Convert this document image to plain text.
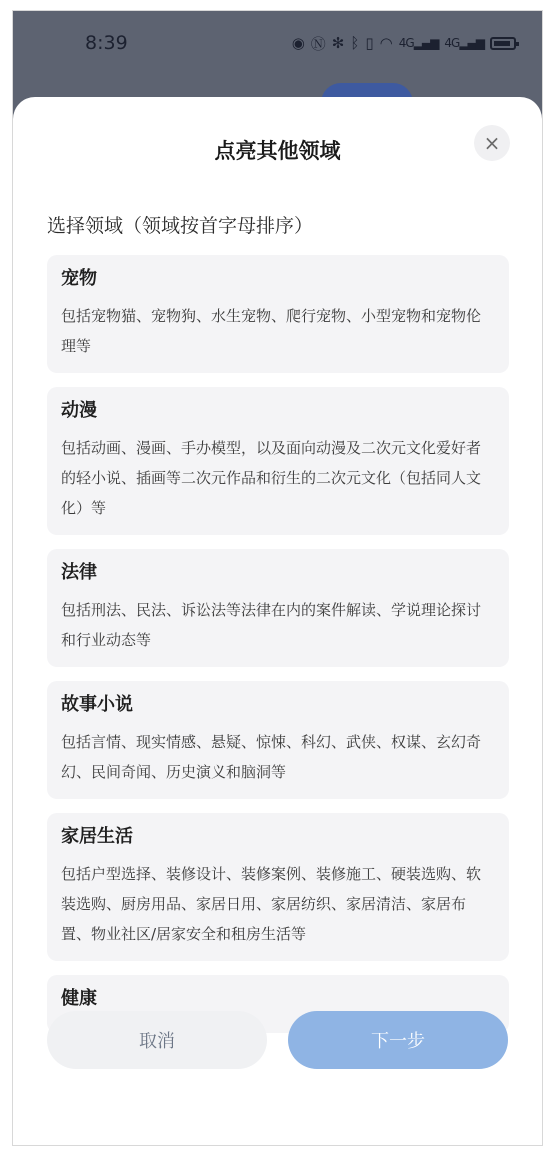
8:39	◉ Ⓝ ✻ ᛒ ▯ ◠ 4G▂▄▆ 4G▂▄▆
点亮其他领域	×
选择领域（领域按首字母排序）
宠物
包括宠物猫、宠物狗、水生宠物、爬行宠物、小型宠物和宠物伦理等
动漫
包括动画、漫画、手办模型，以及面向动漫及二次元文化爱好者的轻小说、插画等二次元作品和衍生的二次元文化（包括同人文化）等
法律
包括刑法、民法、诉讼法等法律在内的案件解读、学说理论探讨和行业动态等
故事小说
包括言情、现实情感、悬疑、惊悚、科幻、武侠、权谋、玄幻奇幻、民间奇闻、历史演义和脑洞等
家居生活
包括户型选择、装修设计、装修案例、装修施工、硬装选购、软装选购、厨房用品、家居日用、家居纺织、家居清洁、家居布置、物业社区/居家安全和租房生活等
健康
取消	下一步
